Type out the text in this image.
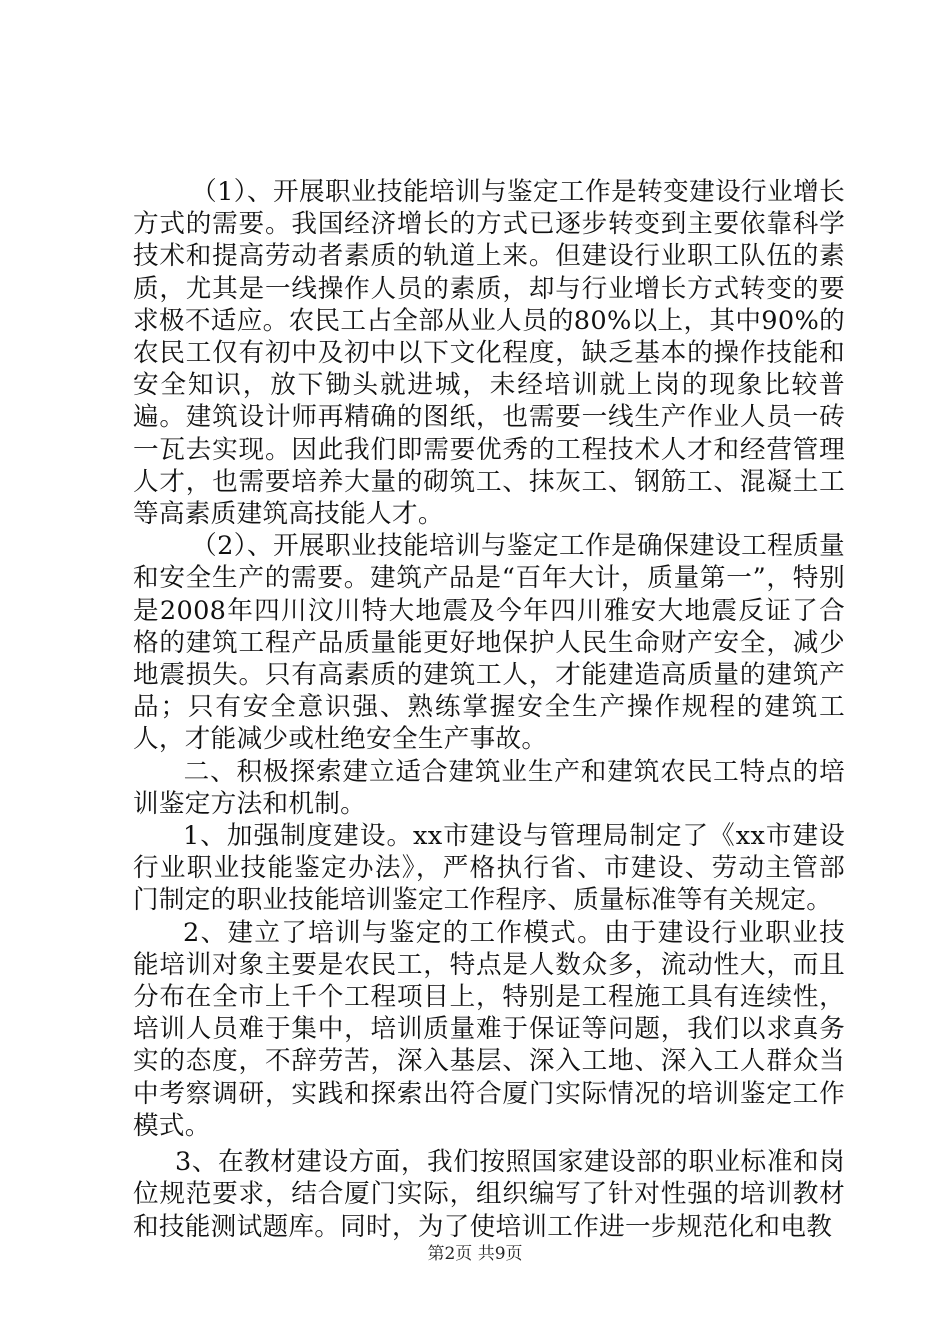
（1）、开展职业技能培训与鉴定工作是转变建设行业增长方式的需要。我国经济增长的方式已逐步转变到主要依靠科学技术和提高劳动者素质的轨道上来。但建设行业职工队伍的素质，尤其是一线操作人员的素质，却与行业增长方式转变的要求极不适应。农民工占全部从业人员的80%以上，其中90%的农民工仅有初中及初中以下文化程度，缺乏基本的操作技能和安全知识，放下锄头就进城，未经培训就上岗的现象比较普遍。建筑设计师再精确的图纸，也需要一线生产作业人员一砖一瓦去实现。因此我们即需要优秀的工程技术人才和经营管理人才，也需要培养大量的砌筑工、抹灰工、钢筋工、混凝土工等高素质建筑高技能人才。

（2）、开展职业技能培训与鉴定工作是确保建设工程质量和安全生产的需要。建筑产品是“百年大计，质量第一”，特别是2008年四川汶川特大地震及今年四川雅安大地震反证了合格的建筑工程产品质量能更好地保护人民生命财产安全，减少地震损失。只有高素质的建筑工人，才能建造高质量的建筑产品；只有安全意识强、熟练掌握安全生产操作规程的建筑工人，才能减少或杜绝安全生产事故。

二、积极探索建立适合建筑业生产和建筑农民工特点的培训鉴定方法和机制。

1、加强制度建设。xx市建设与管理局制定了《xx市建设行业职业技能鉴定办法》，严格执行省、市建设、劳动主管部门制定的职业技能培训鉴定工作程序、质量标准等有关规定。

2、建立了培训与鉴定的工作模式。由于建设行业职业技能培训对象主要是农民工，特点是人数众多，流动性大，而且分布在全市上千个工程项目上，特别是工程施工具有连续性，培训人员难于集中，培训质量难于保证等问题，我们以求真务实的态度，不辞劳苦，深入基层、深入工地、深入工人群众当中考察调研，实践和探索出符合厦门实际情况的培训鉴定工作模式。

3、在教材建设方面，我们按照国家建设部的职业标准和岗位规范要求，结合厦门实际，组织编写了针对性强的培训教材和技能测试题库。同时，为了使培训工作进一步规范化和电教

第2页 共9页
